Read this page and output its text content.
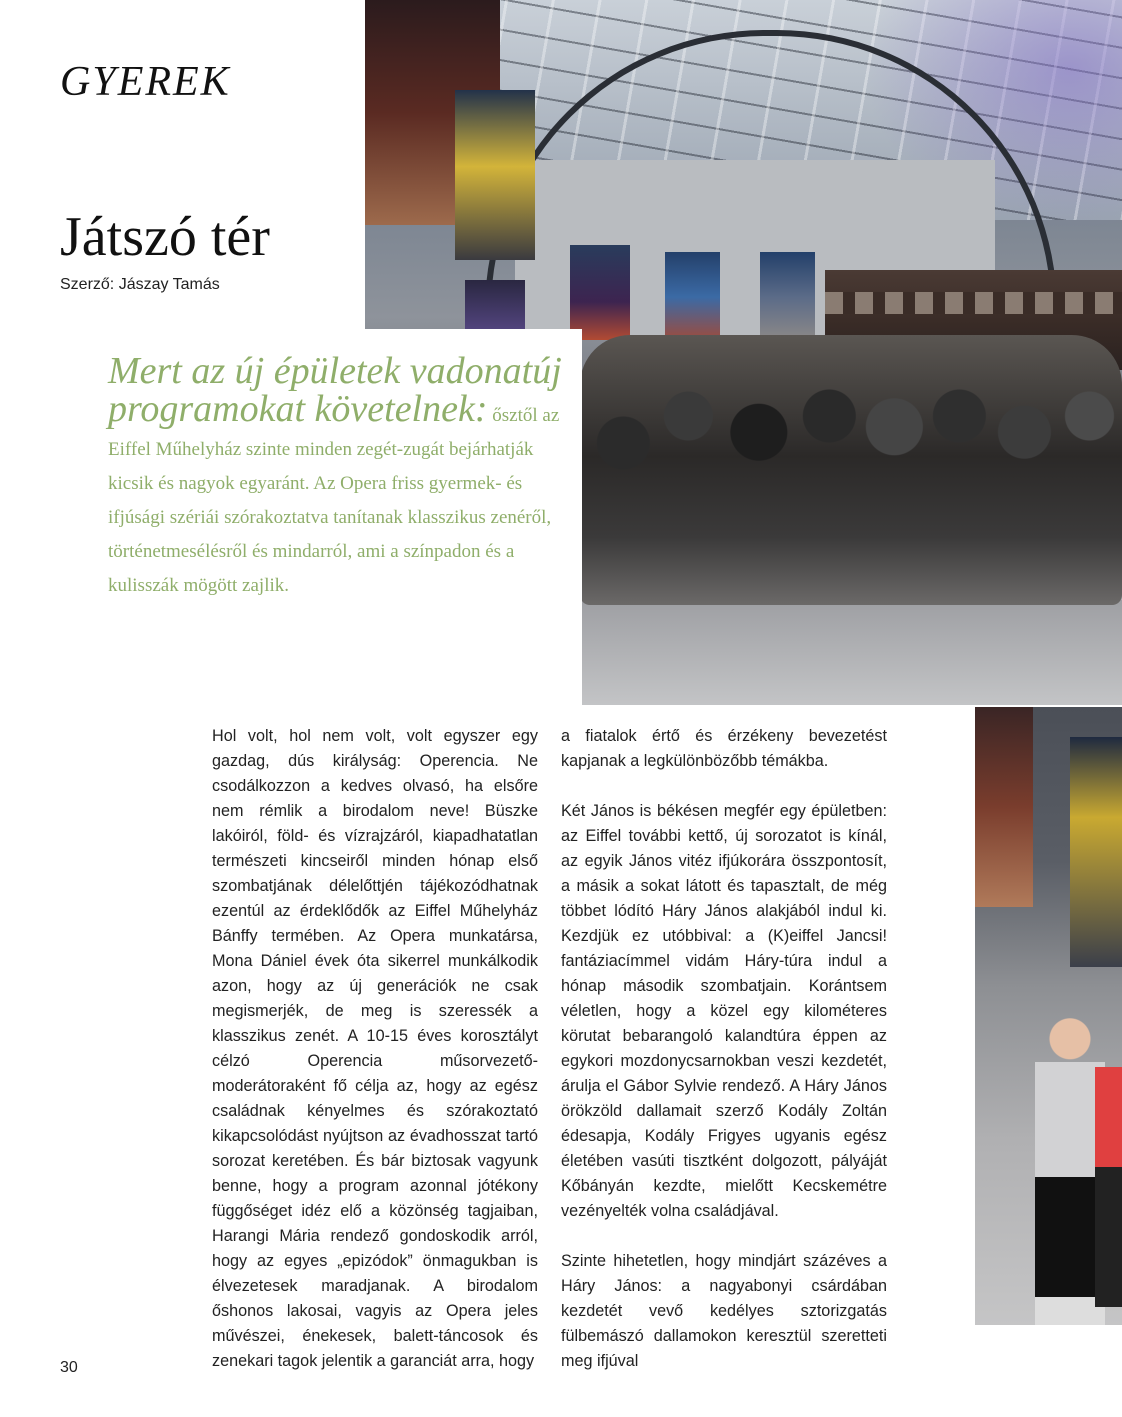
GYEREK
Játszó tér
Szerző: Jászay Tamás
Mert az új épületek vadonatúj programokat követelnek: ősztől az Eiffel Műhelyház szinte minden zegét-zugát bejárhatják kicsik és nagyok egyaránt. Az Opera friss gyermek- és ifjúsági szériái szórakoztatva tanítanak klasszikus zenéről, történetmesélésről és mindarról, ami a színpadon és a kulisszák mögött zajlik.

Hol volt, hol nem volt, volt egyszer egy gazdag, dús királyság: Operencia. Ne csodálkozzon a kedves olvasó, ha elsőre nem rémlik a birodalom neve! Büszke lakóiról, föld- és vízrajzáról, kiapadhatatlan természeti kincseiről minden hónap első szombatjának délelőttjén tájékozódhatnak ezentúl az érdeklődők az Eiffel Műhelyház Bánffy termében. Az Opera munkatársa, Mona Dániel évek óta sikerrel munkálkodik azon, hogy az új generációk ne csak megismerjék, de meg is szeressék a klasszikus zenét. A 10-15 éves korosztályt célzó Operencia műsorvezető-moderátoraként fő célja az, hogy az egész családnak kényelmes és szórakoztató kikapcsolódást nyújtson az évadhosszat tartó sorozat keretében. És bár biztosak vagyunk benne, hogy a program azonnal jótékony függőséget idéz elő a közönség tagjaiban, Harangi Mária rendező gondoskodik arról, hogy az egyes „epizódok” önmagukban is élvezetesek maradjanak. A birodalom őshonos lakosai, vagyis az Opera jeles művészei, énekesek, balett-táncosok és zenekari tagok jelentik a garanciát arra, hogy

a fiatalok értő és érzékeny bevezetést kapjanak a legkülönbözőbb témákba.

Két János is békésen megfér egy épületben: az Eiffel további kettő, új sorozatot is kínál, az egyik János vitéz ifjúkorára összpontosít, a másik a sokat látott és tapasztalt, de még többet lódító Háry János alakjából indul ki. Kezdjük ez utóbbival: a (K)eiffel Jancsi! fantáziacímmel vidám Háry-túra indul a hónap második szombatjain. Korántsem véletlen, hogy a közel egy kilométeres körutat bebarangoló kalandtúra éppen az egykori mozdonycsarnokban veszi kezdetét, árulja el Gábor Sylvie rendező. A Háry János örökzöld dallamait szerző Kodály Zoltán édesapja, Kodály Frigyes ugyanis egész életében vasúti tisztként dolgozott, pályáját Kőbányán kezdte, mielőtt Kecskemétre vezényelték volna családjával.

Szinte hihetetlen, hogy mindjárt százéves a Háry János: a nagyabonyi csárdában kezdetét vevő kedélyes sztorizgatás fülbemászó dallamokon keresztül szeretteti meg ifjúval

30
